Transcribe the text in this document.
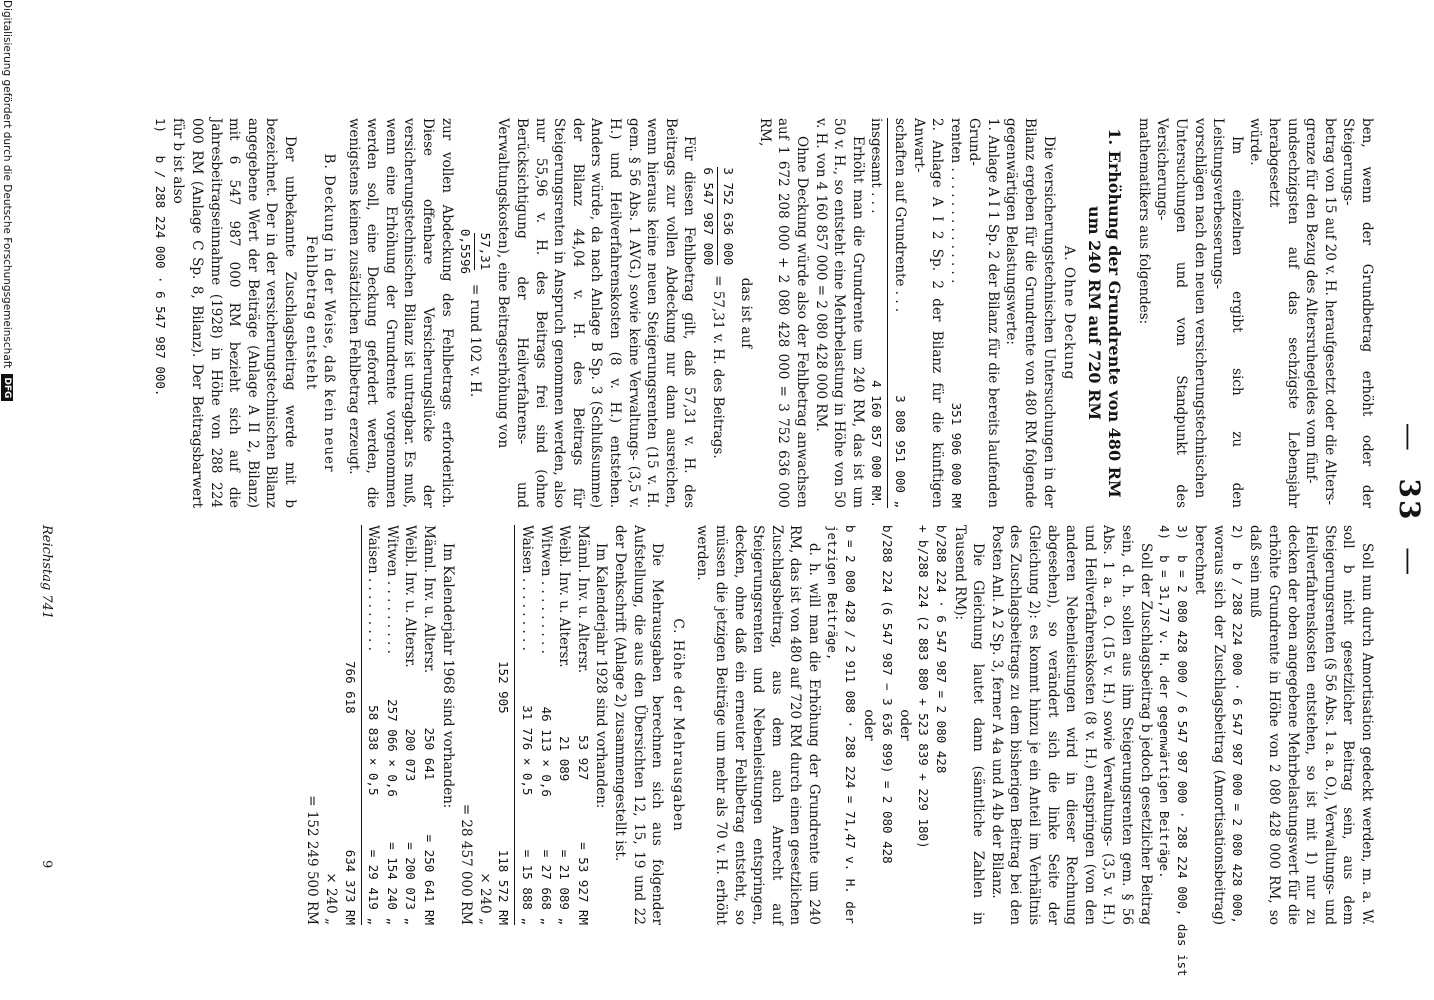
— 33 —

ben, wenn der Grundbetrag erhöht oder der Steigerungs-

betrag von 15 auf 20 v. H. heraufgesetzt oder die Alters-

grenze für den Bezug des Altersruhegeldes vom fünf-

undsechzigsten auf das sechzigste Lebensjahr herabgesetzt

würde.

Im einzelnen ergibt sich zu den Leistungsverbesserungs-

vorschlägen nach den neuen versicherungstechnischen

Untersuchungen und vom Standpunkt des Versicherungs-

mathematikers aus folgendes:

1. Erhöhung der Grundrente von 480 RM um 240 RM auf 720 RM

A. Ohne Deckung

Die versicherungstechnischen Untersuchungen in der Bilanz ergeben für die Grundrente von 480 RM folgende gegenwärtigen Belastungswerte:

1. Anlage A I 1 Sp. 2 der Bilanz für die bereits laufenden Grund-

renten . . . . . . . . . . . . . .
351 906 000 RM

2. Anlage A I 2 Sp. 2 der Bilanz für die künftigen Anwart-

schaften auf Grundrente . . .
3 808 951 000 „
insgesamt . . .
4 160 857 000 RM.

Erhöht man die Grundrente um 240 RM, das ist um 50 v. H., so entsteht eine Mehrbelastung in Höhe von 50 v. H. von 4 160 857 000 = 2 080 428 000 RM.

Ohne Deckung würde also der Fehlbetrag anwachsen auf 1 672 208 000 + 2 080 428 000 = 3 752 636 000 RM,

das ist auf

3 752 636 000
6 547 987 000
= 57,31 v. H. des Beitrags.

Für diesen Fehlbetrag gilt, daß 57,31 v. H. des Beitrags zur vollen Abdeckung nur dann ausreichen, wenn hieraus keine neuen Steigerungsrenten (15 v. H. gem. § 56 Abs. 1 AVG.) sowie keine Verwaltungs- (3,5 v. H.) und Heilverfahrenskosten (8 v. H.) entstehen. Anders würde, da nach Anlage B Sp. 3 (Schlußsumme) der Bilanz 44,04 v. H. des Beitrags für Steigerungsrenten in Anspruch genommen werden, also nur 55,96 v. H. des Beitrags frei sind (ohne Berücksichtigung der Heilverfahrens- und Verwaltungskosten), eine Beitragserhöhung von

57,31
0,5596
= rund 102 v. H.

zur vollen Abdeckung des Fehlbetrags erforderlich. Diese offenbare Versicherungslücke der versicherungstechnischen Bilanz ist untragbar. Es muß, wenn eine Erhöhung der Grundrente vorgenommen werden soll, eine Deckung gefordert werden, die wenigstens keinen zusätzlichen Fehlbetrag erzeugt.

B. Deckung in der Weise, daß kein neuer Fehlbetrag entsteht

Der unbekannte Zuschlagsbeitrag werde mit b bezeichnet. Der in der versicherungstechnischen Bilanz angegebene Wert der Beiträge (Anlage A II 2, Bilanz) mit 6 547 987 000 RM bezieht sich auf die Jahresbeitragseinnahme (1928) in Höhe von 288 224 000 RM (Anlage C Sp. 8, Bilanz). Der Beitragsbarwert für b ist also

1)   b / 288 224 000 · 6 547 987 000.

Soll nun durch Amortisation gedeckt werden, m. a. W. soll b nicht gesetzlicher Beitrag sein, aus dem Steigerungsrenten (§ 56 Abs. 1 a. a. O.), Verwaltungs- und Heilverfahrenskosten entstehen, so ist mit 1) nur zu decken der oben angegebene Mehrbelastungswert für die erhöhte Grundrente in Höhe von 2 080 428 000 RM, so daß sein muß

2)   b / 288 224 000 · 6 547 987 000 = 2 080 428 000,

woraus sich der Zuschlagsbeitrag (Amortisationsbeitrag) berechnet

3)  b = 2 080 428 000 / 6 547 987 000 · 288 224 000, das ist

4)  b = 31,77 v. H. der gegenwärtigen Beiträge.

Soll der Zuschlagsbeitrag b jedoch gesetzlicher Beitrag sein, d. h. sollen aus ihm Steigerungsrenten gem. § 56 Abs. 1 a. a. O. (15 v. H.) sowie Verwaltungs- (3,5 v. H.) und Heilverfahrenskosten (8 v. H.) entspringen (von den anderen Nebenleistungen wird in dieser Rechnung abgesehen), so verändert sich die linke Seite der Gleichung 2): es kommt hinzu je ein Anteil im Verhältnis des Zuschlagsbeitrags zu dem bisherigen Beitrag bei den Posten Anl. A 2 Sp. 3, ferner A 4a und A 4b der Bilanz.

Die Gleichung lautet dann (sämtliche Zahlen in Tausend RM):

b/288 224 · 6 547 987 = 2 080 428

+ b/288 224 (2 883 880 + 523 839 + 229 180)

oder

b/288 224 (6 547 987 − 3 636 899) = 2 080 428

oder

b = 2 080 428 / 2 911 088 · 288 224 = 71,47 v. H. der jetzigen Beiträge,

d. h. will man die Erhöhung der Grundrente um 240 RM, das ist von 480 auf 720 RM durch einen gesetzlichen Zuschlagsbeitrag, aus dem auch Anrecht auf Steigerungsrenten und Nebenleistungen entspringen, decken, ohne daß ein erneuter Fehlbetrag entsteht, so müssen die jetzigen Beiträge um mehr als 70 v. H. erhöht werden.

C. Höhe der Mehrausgaben

Die Mehrausgaben berechnen sich aus folgender Aufstellung, die aus den Übersichten 12, 15, 19 und 22 der Denkschrift (Anlage 2) zusammengestellt ist.

Im Kalenderjahr 1928 sind vorhanden:

Männl. Inv. u. Altersr.
53 927
= 53 927 RM
Weibl. Inv. u. Altersr.
21 089
= 21 089 „
Witwen . . . . . . . . .
46 113 × 0,6
= 27 668 „
Waisen . . . . . . . . .
31 776 × 0,5
= 15 888 „
152 905
118 572 RM

× 240 „

= 28 457 000 RM

Im Kalenderjahr 1968 sind vorhanden:

Männl. Inv. u. Altersr.
250 641
= 250 641 RM
Weibl. Inv. u. Altersr.
200 073
= 200 073 „
Witwen . . . . . . . . .
257 066 × 0,6
= 154 240 „
Waisen . . . . . . . . .
58 838 × 0,5
= 29 419 „
766 618
634 373 RM

× 240 „

= 152 249 500 RM

Reichstag 741
9
Digitalisierung gefördert durch die Deutsche Forschungsgemeinschaft
DFG
